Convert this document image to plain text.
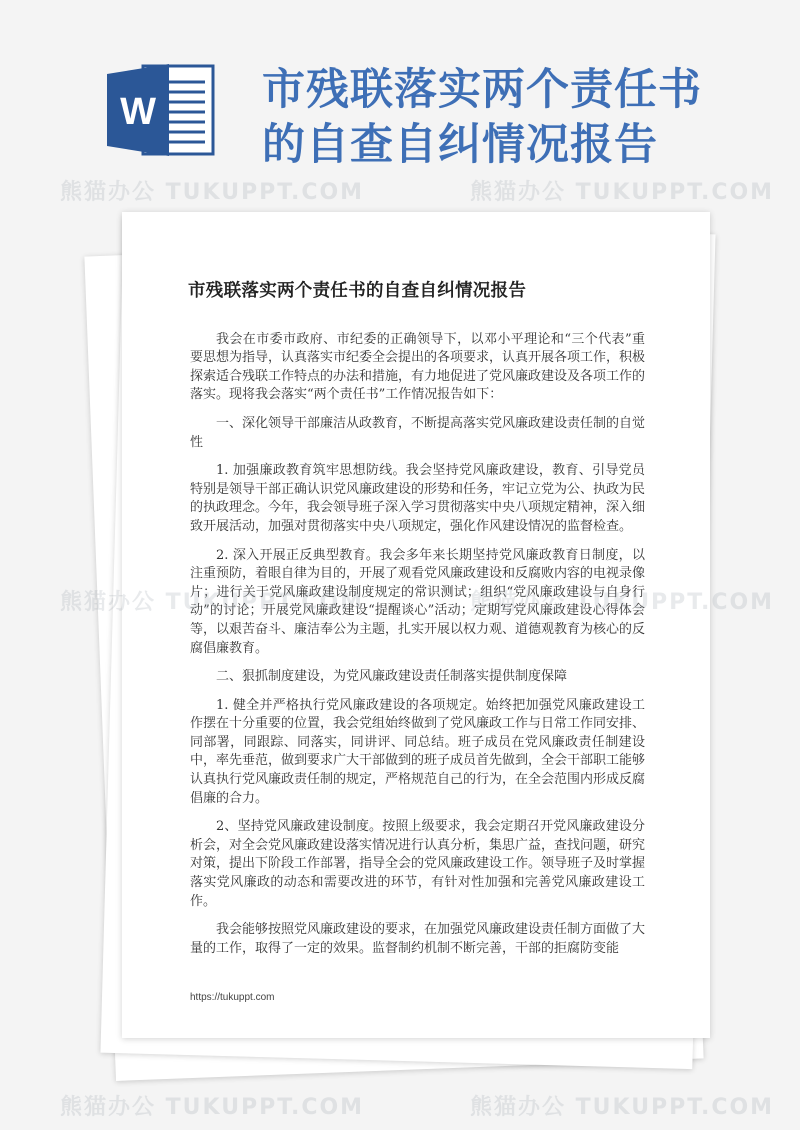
W 市残联落实两个责任书
的自查自纠情况报告
市残联落实两个责任书的自查自纠情况报告

我会在市委市政府、市纪委的正确领导下，以邓小平理论和“三个代表”重要思想为指导，认真落实市纪委全会提出的各项要求，认真开展各项工作，积极探索适合残联工作特点的办法和措施，有力地促进了党风廉政建设及各项工作的落实。现将我会落实“两个责任书”工作情况报告如下：

一、深化领导干部廉洁从政教育，不断提高落实党风廉政建设责任制的自觉性

1. 加强廉政教育筑牢思想防线。我会坚持党风廉政建设，教育、引导党员特别是领导干部正确认识党风廉政建设的形势和任务，牢记立党为公、执政为民的执政理念。今年，我会领导班子深入学习贯彻落实中央八项规定精神，深入细致开展活动，加强对贯彻落实中央八项规定，强化作风建设情况的监督检查。

2. 深入开展正反典型教育。我会多年来长期坚持党风廉政教育日制度，以注重预防，着眼自律为目的，开展了观看党风廉政建设和反腐败内容的电视录像片；进行关于党风廉政建设制度规定的常识测试；组织“党风廉政建设与自身行动”的讨论；开展党风廉政建设“提醒谈心”活动；定期写党风廉政建设心得体会等，以艰苦奋斗、廉洁奉公为主题，扎实开展以权力观、道德观教育为核心的反腐倡廉教育。

二、狠抓制度建设，为党风廉政建设责任制落实提供制度保障

1. 健全并严格执行党风廉政建设的各项规定。始终把加强党风廉政建设工作摆在十分重要的位置，我会党组始终做到了党风廉政工作与日常工作同安排、同部署，同跟踪、同落实，同讲评、同总结。班子成员在党风廉政责任制建设中，率先垂范，做到要求广大干部做到的班子成员首先做到，全会干部职工能够认真执行党风廉政责任制的规定，严格规范自己的行为，在全会范围内形成反腐倡廉的合力。

2、坚持党风廉政建设制度。按照上级要求，我会定期召开党风廉政建设分析会，对全会党风廉政建设落实情况进行认真分析，集思广益，查找问题，研究对策，提出下阶段工作部署，指导全会的党风廉政建设工作。领导班子及时掌握落实党风廉政的动态和需要改进的环节，有针对性加强和完善党风廉政建设工作。

我会能够按照党风廉政建设的要求，在加强党风廉政建设责任制方面做了大量的工作，取得了一定的效果。监督制约机制不断完善，干部的拒腐防变能

https://tukuppt.com
熊猫办公 TUKUPPT.COM	熊猫办公 TUKUPPT.COM
熊猫办公 TUKUPPT.COM	熊猫办公 TUKUPPT.COM
熊猫办公 TUKUPPT.COM	熊猫办公 TUKUPPT.COM
